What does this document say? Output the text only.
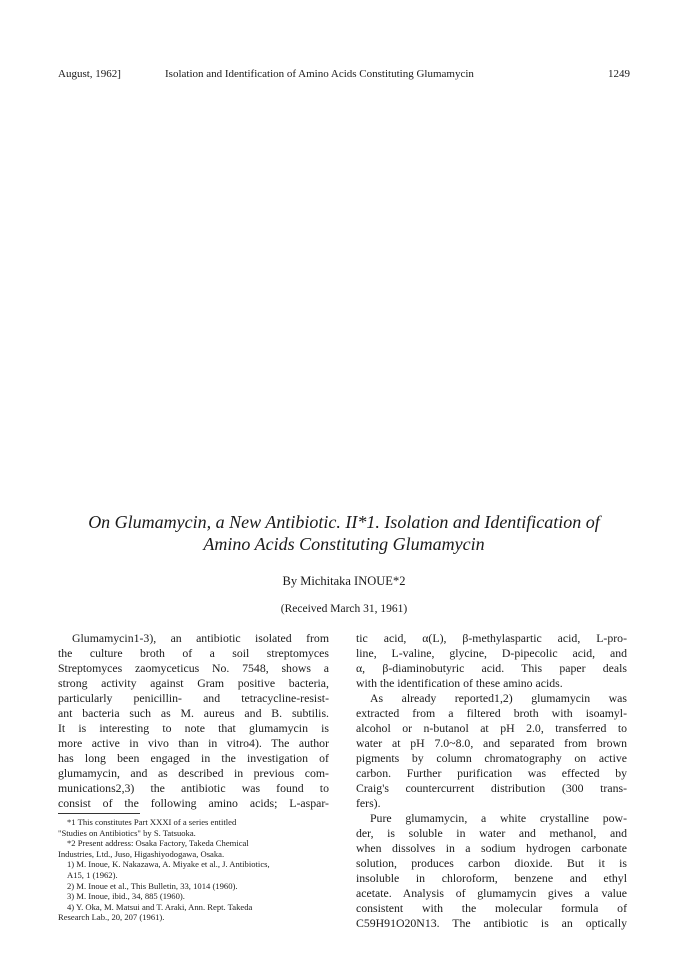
August, 1962]	Isolation and Identification of Amino Acids Constituting Glumamycin	1249
On Glumamycin, a New Antibiotic. II*1. Isolation and Identification of
Amino Acids Constituting Glumamycin
By Michitaka INOUE*2
(Received March 31, 1961)
Glumamycin1-3), an antibiotic isolated from
the culture broth of a soil streptomyces
Streptomyces zaomyceticus No. 7548, shows a
strong activity against Gram positive bacteria,
particularly penicillin- and tetracycline-resist-
ant bacteria such as M. aureus and B. subtilis.
It is interesting to note that glumamycin is
more active in vivo than in vitro4). The author
has long been engaged in the investigation of
glumamycin, and as described in previous com-
munications2,3) the antibiotic was found to
consist of the following amino acids; L-aspar-
*1 This constitutes Part XXXI of a series entitled
"Studies on Antibiotics" by S. Tatsuoka.
*2 Present address: Osaka Factory, Takeda Chemical
Industries, Ltd., Juso, Higashiyodogawa, Osaka.
1) M. Inoue, K. Nakazawa, A. Miyake et al., J. Antibiotics,
A15, 1 (1962).
2) M. Inoue et al., This Bulletin, 33, 1014 (1960).
3) M. Inoue, ibid., 34, 885 (1960).
4) Y. Oka, M. Matsui and T. Araki, Ann. Rept. Takeda
Research Lab., 20, 207 (1961).
tic acid, α(L), β-methylaspartic acid, L-pro-
line, L-valine, glycine, D-pipecolic acid, and
α, β-diaminobutyric acid. This paper deals
with the identification of these amino acids.
As already reported1,2) glumamycin was
extracted from a filtered broth with isoamyl-
alcohol or n-butanol at pH 2.0, transferred to
water at pH 7.0~8.0, and separated from brown
pigments by column chromatography on active
carbon. Further purification was effected by
Craig's countercurrent distribution (300 trans-
fers).
Pure glumamycin, a white crystalline pow-
der, is soluble in water and methanol, and
when dissolves in a sodium hydrogen carbonate
solution, produces carbon dioxide. But it is
insoluble in chloroform, benzene and ethyl
acetate. Analysis of glumamycin gives a value
consistent with the molecular formula of
C59H91O20N13. The antibiotic is an optically
